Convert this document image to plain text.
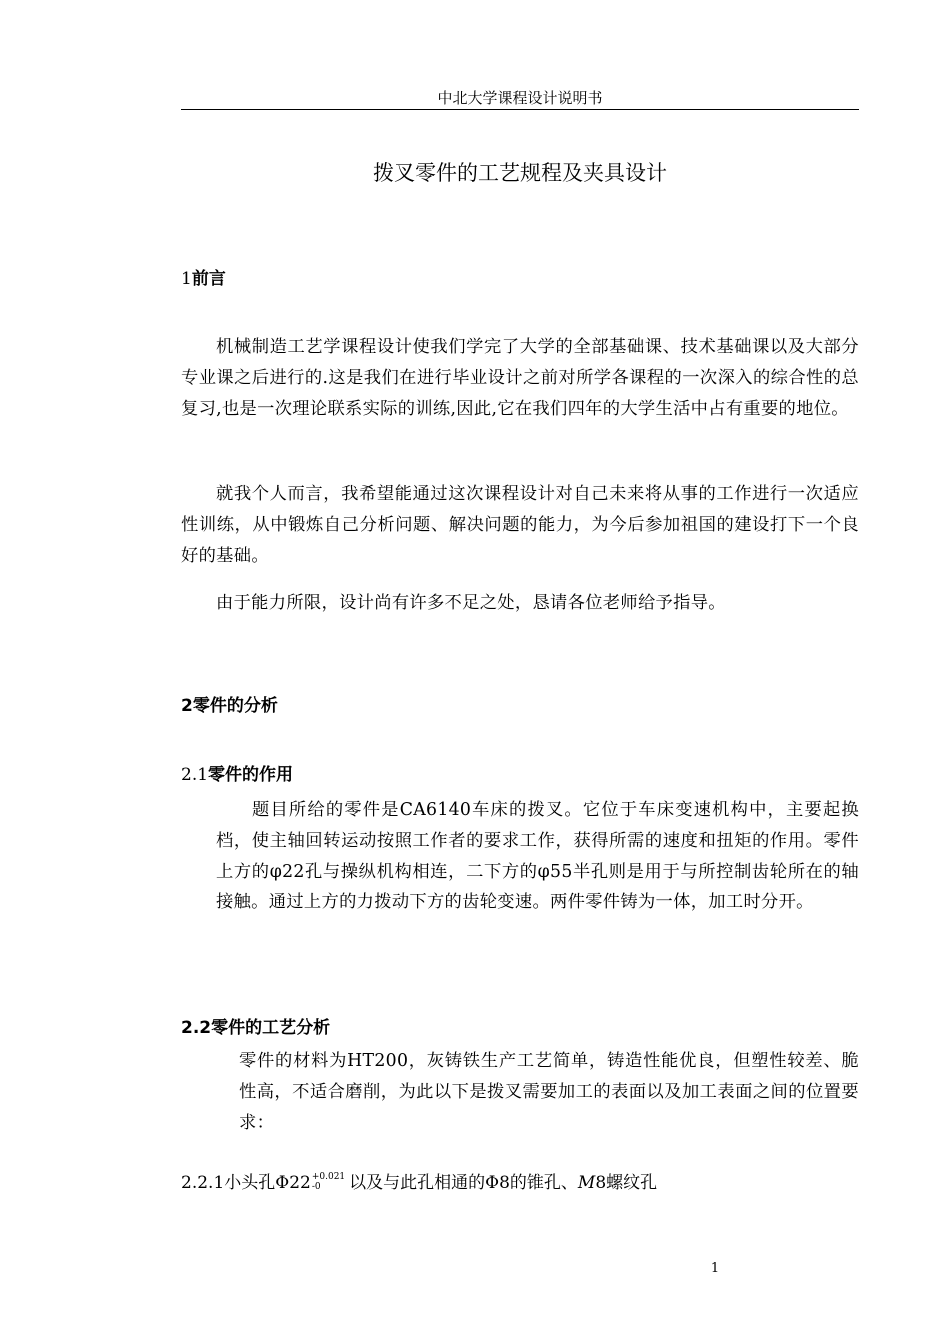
中北大学课程设计说明书
拨叉零件的工艺规程及夹具设计
1前言
机械制造工艺学课程设计使我们学完了大学的全部基础课、技术基础课以及大部分专业课之后进行的.这是我们在进行毕业设计之前对所学各课程的一次深入的综合性的总复习,也是一次理论联系实际的训练,因此,它在我们四年的大学生活中占有重要的地位。
就我个人而言，我希望能通过这次课程设计对自己未来将从事的工作进行一次适应性训练，从中锻炼自己分析问题、解决问题的能力，为今后参加祖国的建设打下一个良好的基础。
由于能力所限，设计尚有许多不足之处，恳请各位老师给予指导。
2零件的分析
2.1零件的作用
题目所给的零件是CA6140车床的拨叉。它位于车床变速机构中，主要起换档，使主轴回转运动按照工作者的要求工作，获得所需的速度和扭矩的作用。零件上方的φ22孔与操纵机构相连，二下方的φ55半孔则是用于与所控制齿轮所在的轴接触。通过上方的力拨动下方的齿轮变速。两件零件铸为一体，加工时分开。
2.2零件的工艺分析
零件的材料为HT200，灰铸铁生产工艺简单，铸造性能优良，但塑性较差、脆性高，不适合磨削，为此以下是拨叉需要加工的表面以及加工表面之间的位置要求：
2.2.1小头孔Φ22 +0.021
-0	以及与此孔相通的Φ8的锥孔、M8螺纹孔
1
